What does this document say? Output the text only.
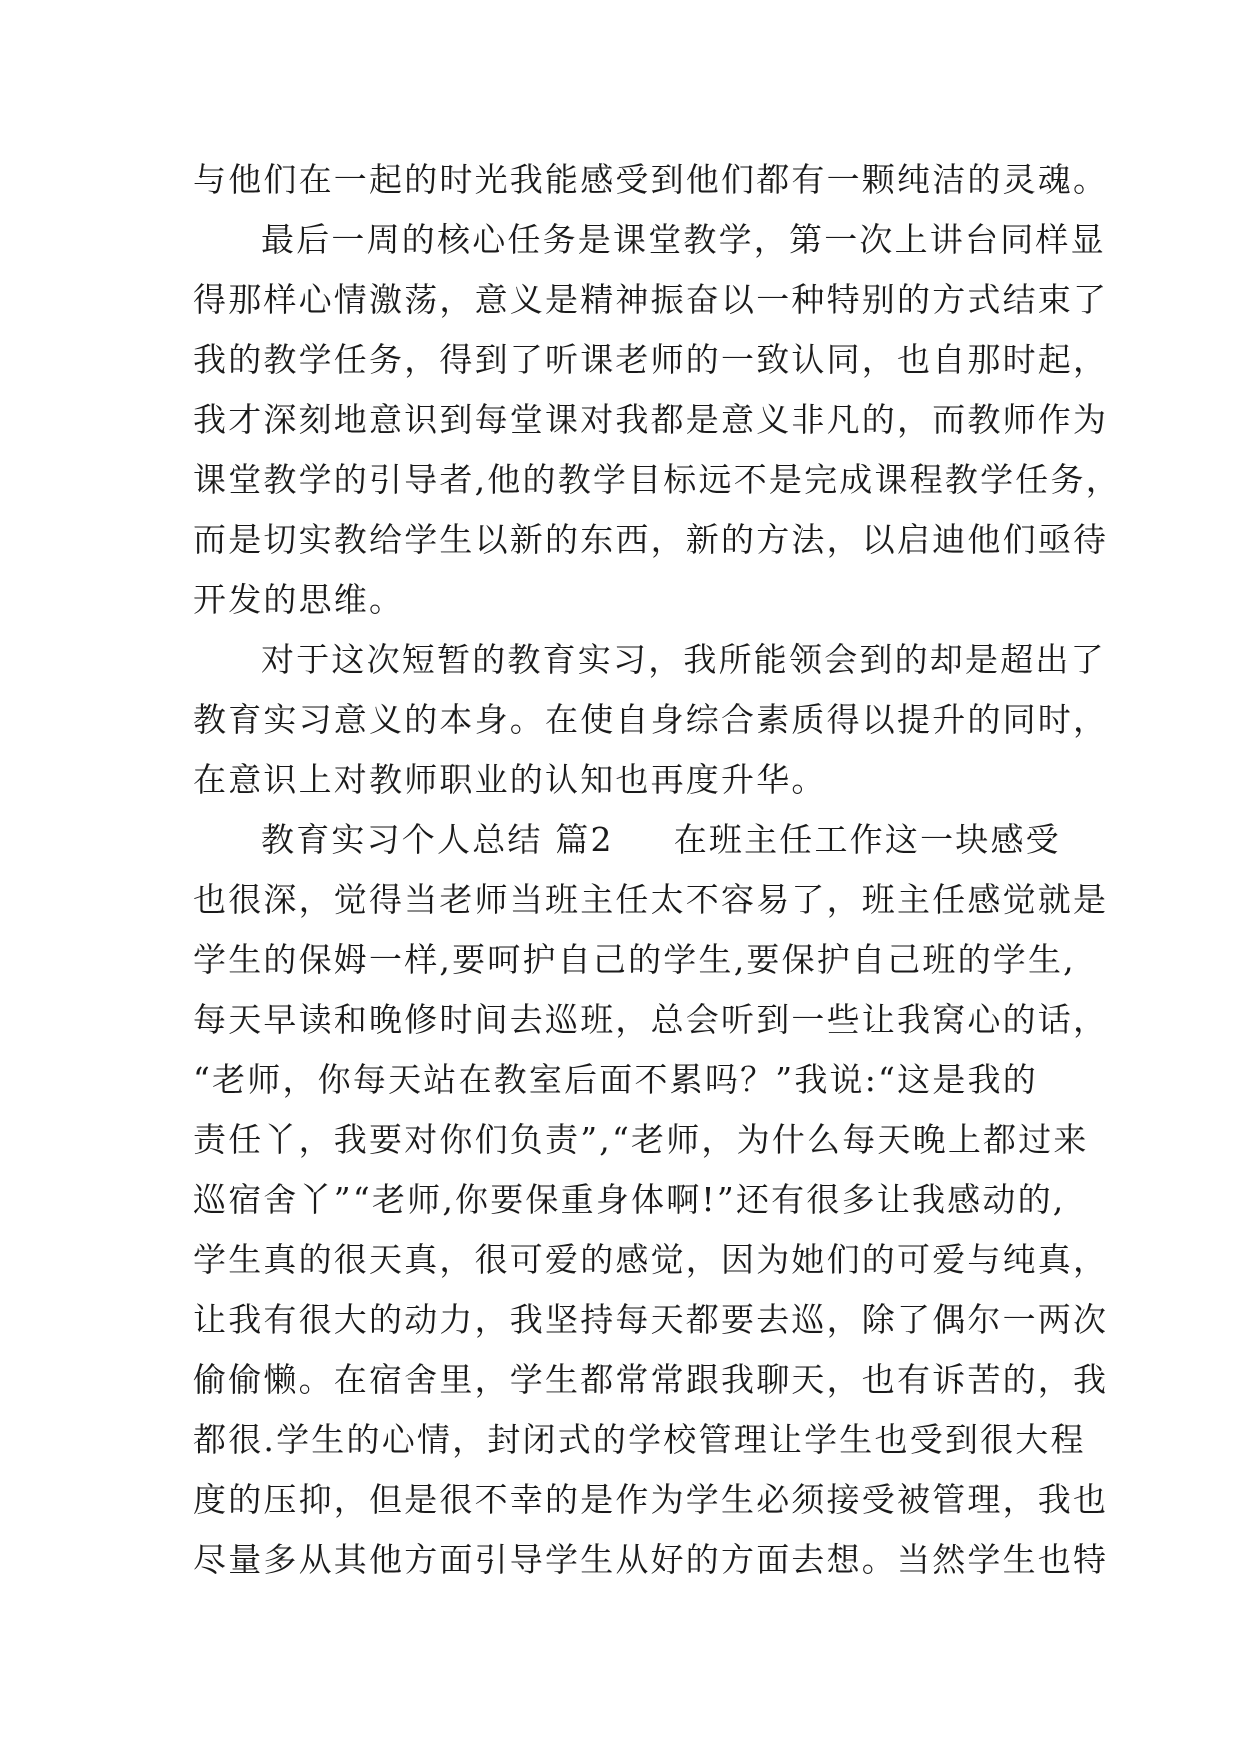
与他们在一起的时光我能感受到他们都有一颗纯洁的灵魂。
最后一周的核心任务是课堂教学，第一次上讲台同样显
得那样心情激荡，意义是精神振奋以一种特别的方式结束了
我的教学任务，得到了听课老师的一致认同，也自那时起，
我才深刻地意识到每堂课对我都是意义非凡的，而教师作为
课堂教学的引导者,他的教学目标远不是完成课程教学任务，
而是切实教给学生以新的东西，新的方法，以启迪他们亟待
开发的思维。
对于这次短暂的教育实习，我所能领会到的却是超出了
教育实习意义的本身。在使自身综合素质得以提升的同时，
在意识上对教师职业的认知也再度升华。
教育实习个人总结 篇2 在班主任工作这一块感受
也很深，觉得当老师当班主任太不容易了，班主任感觉就是
学生的保姆一样,要呵护自己的学生,要保护自己班的学生,
每天早读和晚修时间去巡班，总会听到一些让我窝心的话，
“老师，你每天站在教室后面不累吗？”我说:“这是我的
责任丫，我要对你们负责”,“老师，为什么每天晚上都过来
巡宿舍丫”“老师,你要保重身体啊!”还有很多让我感动的,
学生真的很天真，很可爱的感觉，因为她们的可爱与纯真，
让我有很大的动力，我坚持每天都要去巡，除了偶尔一两次
偷偷懒。在宿舍里，学生都常常跟我聊天，也有诉苦的，我
都很.学生的心情，封闭式的学校管理让学生也受到很大程
度的压抑，但是很不幸的是作为学生必须接受被管理，我也
尽量多从其他方面引导学生从好的方面去想。当然学生也特
